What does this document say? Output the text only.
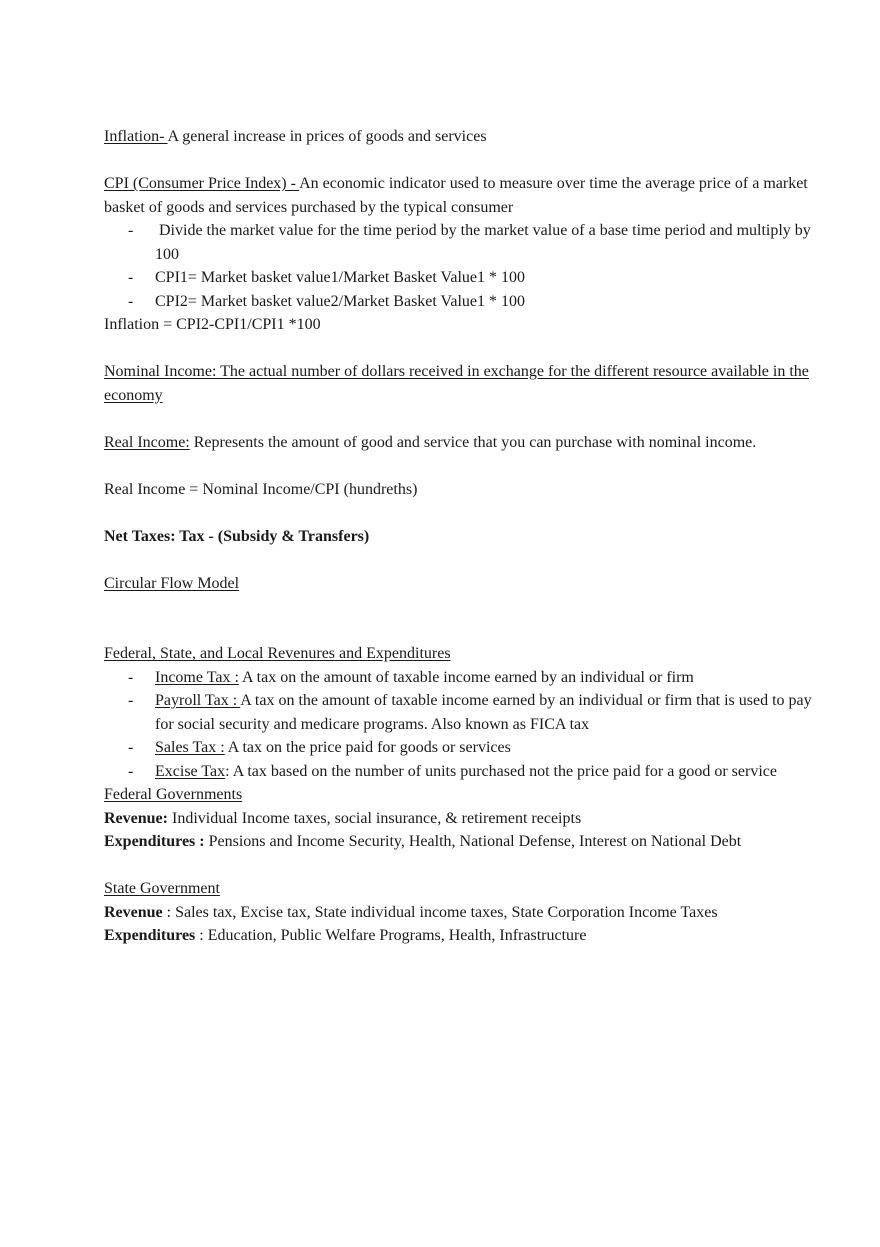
Inflation- A general increase in prices of goods and services

CPI (Consumer Price Index) - An economic indicator used to measure over time the average price of a market basket of goods and services purchased by the typical consumer

- Divide the market value for the time period by the market value of a base time period and multiply by 100
- CPI1= Market basket value1/Market Basket Value1 * 100
- CPI2= Market basket value2/Market Basket Value1 * 100

Inflation = CPI2-CPI1/CPI1 *100

Nominal Income: The actual number of dollars received in exchange for the different resource available in the economy

Real Income: Represents the amount of good and service that you can purchase with nominal income.

Real Income = Nominal Income/CPI (hundreths)

Net Taxes: Tax - (Subsidy & Transfers)

Circular Flow Model

Federal, State, and Local Revenures and Expenditures

- Income Tax : A tax on the amount of taxable income earned by an individual or firm
- Payroll Tax : A tax on the amount of taxable income earned by an individual or firm that is used to pay for social security and medicare programs. Also known as FICA tax
- Sales Tax : A tax on the price paid for goods or services
- Excise Tax: A tax based on the number of units purchased not the price paid for a good or service

Federal Governments

Revenue: Individual Income taxes, social insurance, & retirement receipts

Expenditures : Pensions and Income Security, Health, National Defense, Interest on National Debt

State Government

Revenue : Sales tax, Excise tax, State individual income taxes, State Corporation Income Taxes

Expenditures : Education, Public Welfare Programs, Health, Infrastructure
